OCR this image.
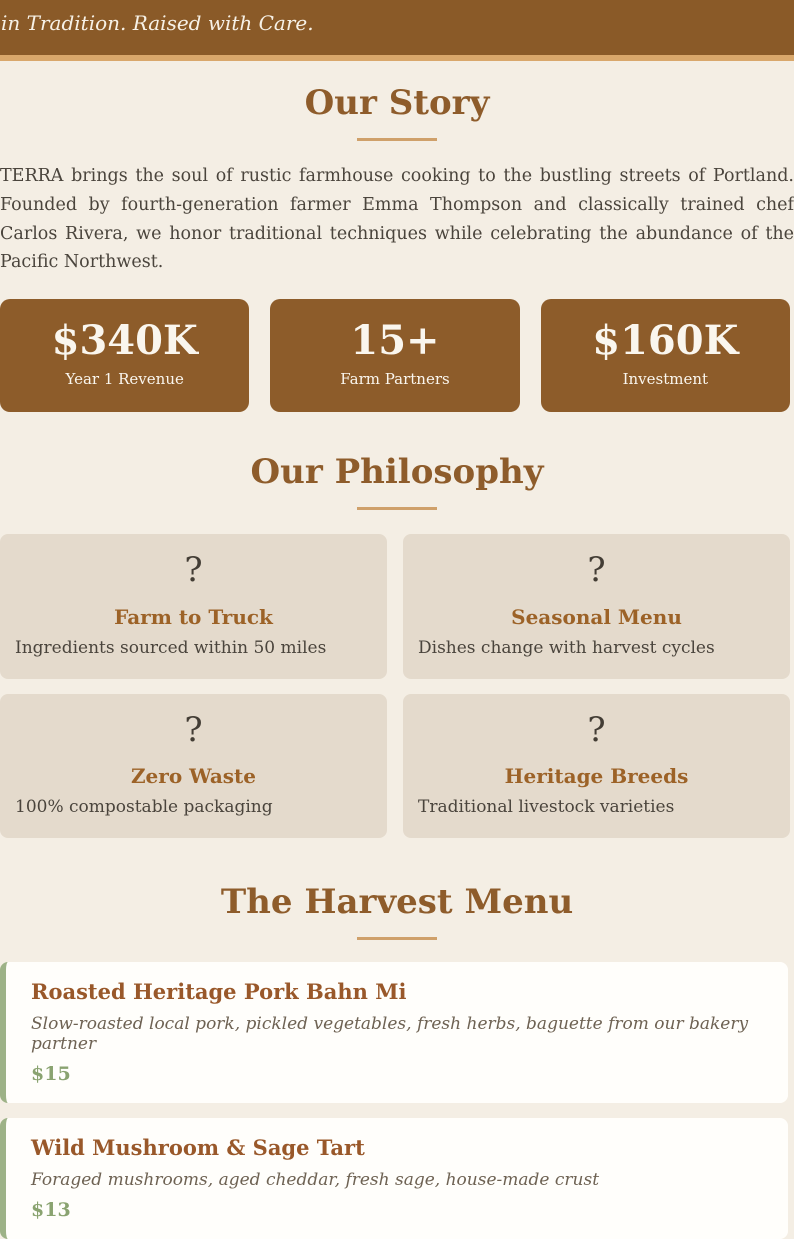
in Tradition. Raised with Care.
Our Story

TERRA brings the soul of rustic farmhouse cooking to the bustling streets of Portland. Founded by fourth-generation farmer Emma Thompson and classically trained chef Carlos Rivera, we honor traditional techniques while celebrating the abundance of the Pacific Northwest.

$340K
Year 1 Revenue
15+
Farm Partners
$160K
Investment
Our Philosophy
?
Farm to Truck
Ingredients sourced within 50 miles
?
Seasonal Menu
Dishes change with harvest cycles
?
Zero Waste
100% compostable packaging
?
Heritage Breeds
Traditional livestock varieties
The Harvest Menu
Roasted Heritage Pork Bahn Mi
Slow-roasted local pork, pickled vegetables, fresh herbs, baguette from our bakery partner
$15
Wild Mushroom & Sage Tart
Foraged mushrooms, aged cheddar, fresh sage, house-made crust
$13
